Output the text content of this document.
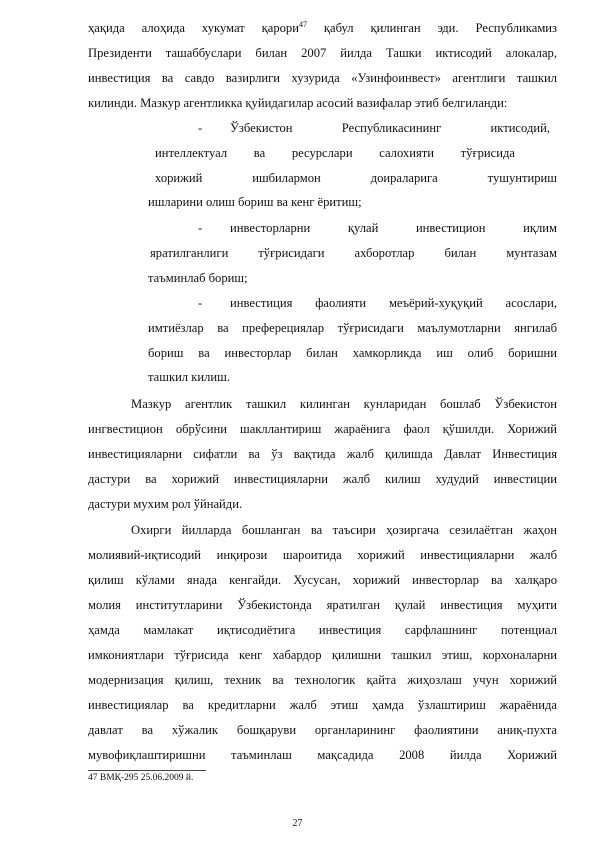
ҳақида алоҳида хукумат қарори$^{47}$ қабул қилинган эди. Республикамиз
Президенти ташаббуслари билан 2007 йилда Ташки иктисодий алокалар,
инвестиция ва савдо вазирлиги хузурида «Узинфоинвест» агентлиги ташкил
килинди. Мазкур агентликка қуйидагилар асосий вазифалар этиб белгиланди:
- Ўзбекистон Республикасининг иктисодий,
интеллектуал ва ресурслари салохияти тўғрисида
хорижий ишбилармон доираларига тушунтириш
ишларини олиш бориш ва кенг ёритиш;
- инвесторларни қулай инвестицион иқлим
яратилганлиги тўғрисидаги ахборотлар билан мунтазам
таъминлаб бориш;
- инвестиция фаолияти меъёрий-хуқуқий асослари,
имтиёзлар ва преферециялар тўғрисидаги маълумотларни янгилаб
бориш ва инвесторлар билан хамкорликда иш олиб боришни
ташкил килиш.
Мазкур агентлик ташкил килинган кунларидан бошлаб Ўзбекистон
ингвестицион обрўсини шакллантириш жараёнига фаол қўшилди. Хорижий
инвестицияларни сифатли ва ўз вақтида жалб қилишда Давлат Инвестиция
дастури ва хорижий инвестицияларни жалб килиш худудий инвестиции
дастури мухим рол ўйнайди.
Охирги йилларда бошланган ва таъсири ҳозиргача сезилаётган жаҳон
молиявий-иқтисодий инқирози шароитида хорижий инвестицияларни жалб
қилиш кўлами янада кенгайди. Хусусан, хорижий инвесторлар ва халқаро
молия институтларини Ўзбекистонда яратилган қулай инвестиция муҳити
ҳамда мамлакат иқтисодиётига инвестиция сарфлашнинг потенциал
имкониятлари тўғрисида кенг хабардор қилишни ташкил этиш, корхоналарни
модернизация қилиш, техник ва технологик қайта жиҳозлаш учун хорижий
инвестициялар ва кредитларни жалб этиш ҳамда ўзлаштириш жараёнида
давлат ва хўжалик бошқаруви органларининг фаолиятини аниқ-пухта
мувофиқлаштиришни таъминлаш мақсадида 2008 йилда Хорижий
47 ВМҚ-295 25.06.2009 й.
27
